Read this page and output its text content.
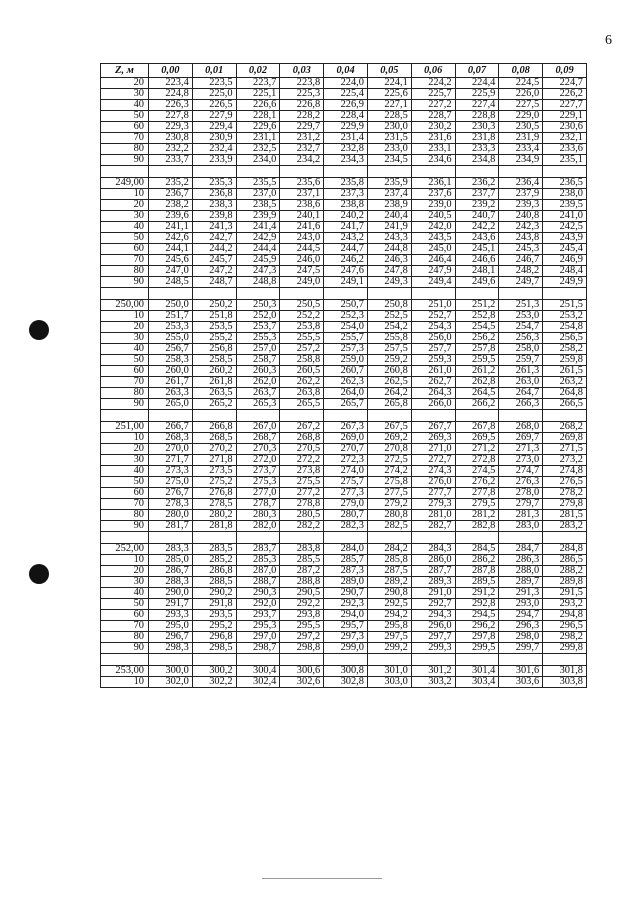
6
Z, м	0,00	0,01	0,02	0,03	0,04	0,05	0,06	0,07	0,08	0,09
20	223,4	223,5	223,7	223,8	224,0	224,1	224,2	224,4	224,5	224,7
30	224,8	225,0	225,1	225,3	225,4	225,6	225,7	225,9	226,0	226,2
40	226,3	226,5	226,6	226,8	226,9	227,1	227,2	227,4	227,5	227,7
50	227,8	227,9	228,1	228,2	228,4	228,5	228,7	228,8	229,0	229,1
60	229,3	229,4	229,6	229,7	229,9	230,0	230,2	230,3	230,5	230,6
70	230,8	230,9	231,1	231,2	231,4	231,5	231,6	231,8	231,9	232,1
80	232,2	232,4	232,5	232,7	232,8	233,0	233,1	233,3	233,4	233,6
90	233,7	233,9	234,0	234,2	234,3	234,5	234,6	234,8	234,9	235,1

249,00	235,2	235,3	235,5	235,6	235,8	235,9	236,1	236,2	236,4	236,5
10	236,7	236,8	237,0	237,1	237,3	237,4	237,6	237,7	237,9	238,0
20	238,2	238,3	238,5	238,6	238,8	238,9	239,0	239,2	239,3	239,5
30	239,6	239,8	239,9	240,1	240,2	240,4	240,5	240,7	240,8	241,0
40	241,1	241,3	241,4	241,6	241,7	241,9	242,0	242,2	242,3	242,5
50	242,6	242,7	242,9	243,0	243,2	243,3	243,5	243,6	243,8	243,9
60	244,1	244,2	244,4	244,5	244,7	244,8	245,0	245,1	245,3	245,4
70	245,6	245,7	245,9	246,0	246,2	246,3	246,4	246,6	246,7	246,9
80	247,0	247,2	247,3	247,5	247,6	247,8	247,9	248,1	248,2	248,4
90	248,5	248,7	248,8	249,0	249,1	249,3	249,4	249,6	249,7	249,9

250,00	250,0	250,2	250,3	250,5	250,7	250,8	251,0	251,2	251,3	251,5
10	251,7	251,8	252,0	252,2	252,3	252,5	252,7	252,8	253,0	253,2
20	253,3	253,5	253,7	253,8	254,0	254,2	254,3	254,5	254,7	254,8
30	255,0	255,2	255,3	255,5	255,7	255,8	256,0	256,2	256,3	256,5
40	256,7	256,8	257,0	257,2	257,3	257,5	257,7	257,8	258,0	258,2
50	258,3	258,5	258,7	258,8	259,0	259,2	259,3	259,5	259,7	259,8
60	260,0	260,2	260,3	260,5	260,7	260,8	261,0	261,2	261,3	261,5
70	261,7	261,8	262,0	262,2	262,3	262,5	262,7	262,8	263,0	263,2
80	263,3	263,5	263,7	263,8	264,0	264,2	264,3	264,5	264,7	264,8
90	265,0	265,2	265,3	265,5	265,7	265,8	266,0	266,2	266,3	266,5

251,00	266,7	266,8	267,0	267,2	267,3	267,5	267,7	267,8	268,0	268,2
10	268,3	268,5	268,7	268,8	269,0	269,2	269,3	269,5	269,7	269,8
20	270,0	270,2	270,3	270,5	270,7	270,8	271,0	271,2	271,3	271,5
30	271,7	271,8	272,0	272,2	272,3	272,5	272,7	272,8	273,0	273,2
40	273,3	273,5	273,7	273,8	274,0	274,2	274,3	274,5	274,7	274,8
50	275,0	275,2	275,3	275,5	275,7	275,8	276,0	276,2	276,3	276,5
60	276,7	276,8	277,0	277,2	277,3	277,5	277,7	277,8	278,0	278,2
70	278,3	278,5	278,7	278,8	279,0	279,2	279,3	279,5	279,7	279,8
80	280,0	280,2	280,3	280,5	280,7	280,8	281,0	281,2	281,3	281,5
90	281,7	281,8	282,0	282,2	282,3	282,5	282,7	282,8	283,0	283,2

252,00	283,3	283,5	283,7	283,8	284,0	284,2	284,3	284,5	284,7	284,8
10	285,0	285,2	285,3	285,5	285,7	285,8	286,0	286,2	286,3	286,5
20	286,7	286,8	287,0	287,2	287,3	287,5	287,7	287,8	288,0	288,2
30	288,3	288,5	288,7	288,8	289,0	289,2	289,3	289,5	289,7	289,8
40	290,0	290,2	290,3	290,5	290,7	290,8	291,0	291,2	291,3	291,5
50	291,7	291,8	292,0	292,2	292,3	292,5	292,7	292,8	293,0	293,2
60	293,3	293,5	293,7	293,8	294,0	294,2	294,3	294,5	294,7	294,8
70	295,0	295,2	295,3	295,5	295,7	295,8	296,0	296,2	296,3	296,5
80	296,7	296,8	297,0	297,2	297,3	297,5	297,7	297,8	298,0	298,2
90	298,3	298,5	298,7	298,8	299,0	299,2	299,3	299,5	299,7	299,8

253,00	300,0	300,2	300,4	300,6	300,8	301,0	301,2	301,4	301,6	301,8
10	302,0	302,2	302,4	302,6	302,8	303,0	303,2	303,4	303,6	303,8
